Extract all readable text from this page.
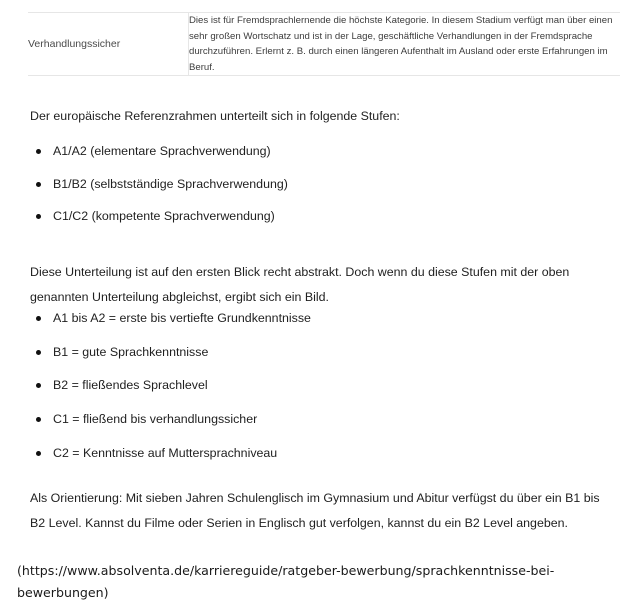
Verhandlungssicher	Dies ist für Fremdsprachlernende die höchste Kategorie. In diesem Stadium verfügt man über einen sehr großen Wortschatz und ist in der Lage, geschäftliche Verhandlungen in der Fremdsprache durchzuführen. Erlernt z. B. durch einen längeren Aufenthalt im Ausland oder erste Erfahrungen im Beruf.

Der europäische Referenzrahmen unterteilt sich in folgende Stufen:

A1/A2 (elementare Sprachverwendung)
B1/B2 (selbstständige Sprachverwendung)
C1/C2 (kompetente Sprachverwendung)

Diese Unterteilung ist auf den ersten Blick recht abstrakt. Doch wenn du diese Stufen mit der oben genannten Unterteilung abgleichst, ergibt sich ein Bild.

A1 bis A2 = erste bis vertiefte Grundkenntnisse
B1 = gute Sprachkenntnisse
B2 = fließendes Sprachlevel
C1 = fließend bis verhandlungssicher
C2 = Kenntnisse auf Muttersprachniveau

Als Orientierung: Mit sieben Jahren Schulenglisch im Gymnasium und Abitur verfügst du über ein B1 bis B2 Level. Kannst du Filme oder Serien in Englisch gut verfolgen, kannst du ein B2 Level angeben.

(https://www.absolventa.de/karriereguide/ratgeber-bewerbung/sprachkenntnisse-bei-bewerbungen)
